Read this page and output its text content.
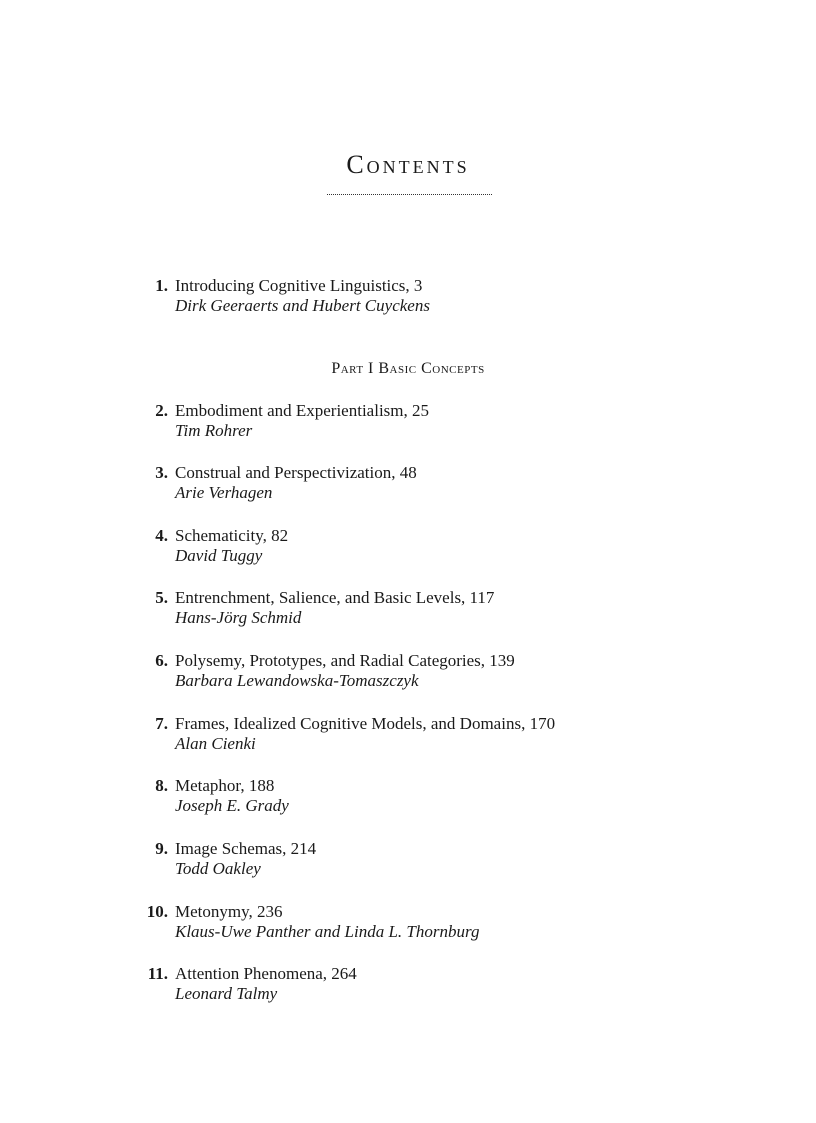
Contents
1. Introducing Cognitive Linguistics, 3
Dirk Geeraerts and Hubert Cuyckens
Part I Basic Concepts
2. Embodiment and Experientialism, 25
Tim Rohrer
3. Construal and Perspectivization, 48
Arie Verhagen
4. Schematicity, 82
David Tuggy
5. Entrenchment, Salience, and Basic Levels, 117
Hans-Jörg Schmid
6. Polysemy, Prototypes, and Radial Categories, 139
Barbara Lewandowska-Tomaszczyk
7. Frames, Idealized Cognitive Models, and Domains, 170
Alan Cienki
8. Metaphor, 188
Joseph E. Grady
9. Image Schemas, 214
Todd Oakley
10. Metonymy, 236
Klaus-Uwe Panther and Linda L. Thornburg
11. Attention Phenomena, 264
Leonard Talmy
